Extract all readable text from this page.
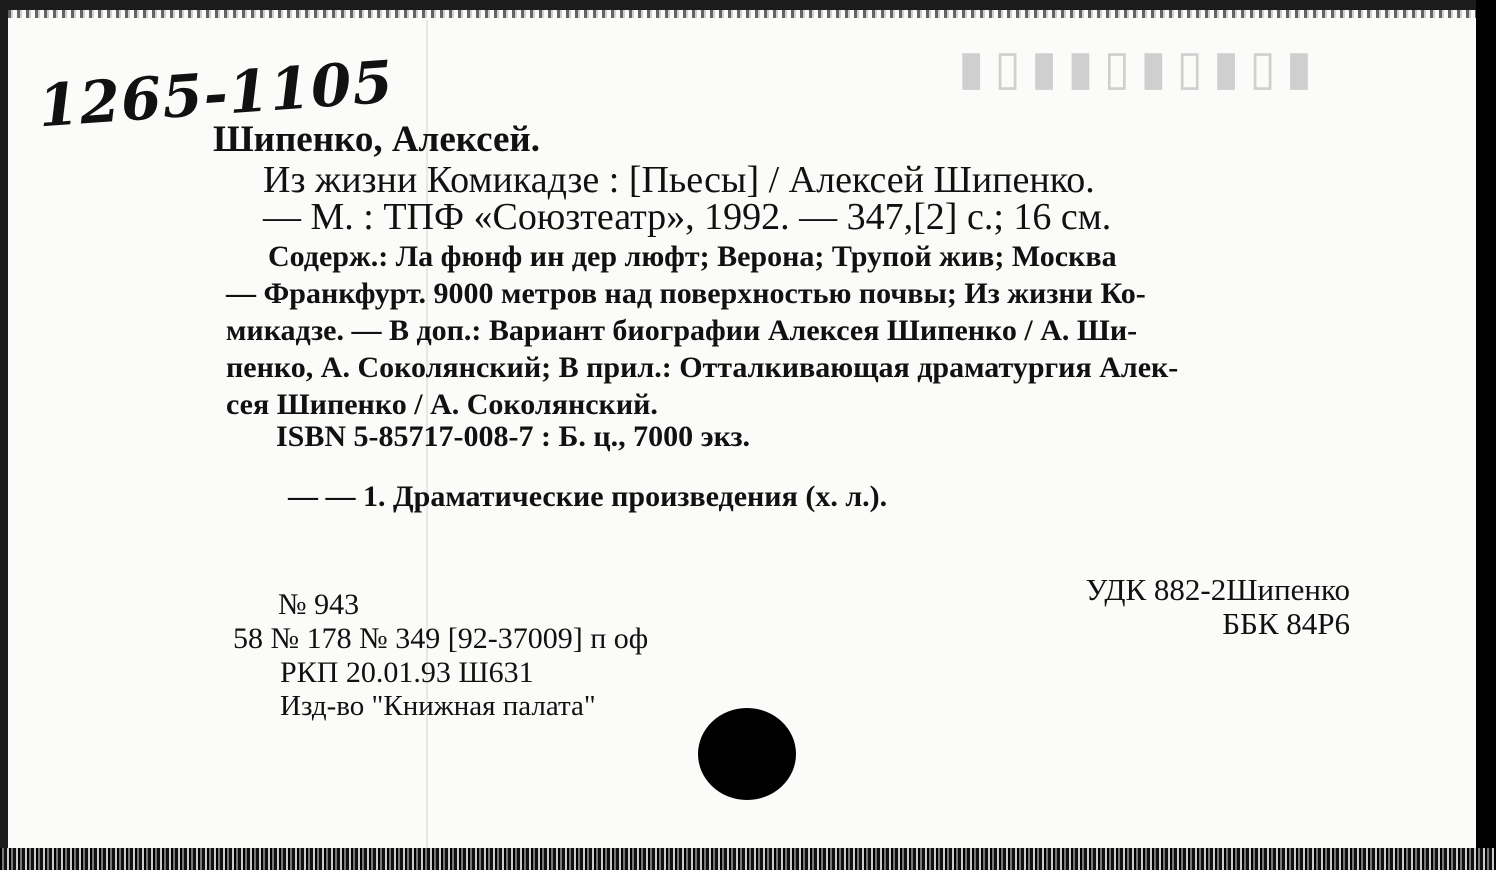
▮▯▮▮▯▮▯▮▯▮
1265-1105
Шипенко, Алексей.
Из жизни Комикадзе : [Пьесы] / Алексей Шипенко.
— М. : ТПФ «Союзтеатр», 1992. — 347,[2] с.; 16 см.
Содерж.: Ла фюнф ин дер люфт; Верона; Трупой жив; Москва
— Франкфурт. 9000 метров над поверхностью почвы; Из жизни Ко-
микадзе. — В доп.: Вариант биографии Алексея Шипенко / А. Ши-
пенко, А. Соколянский; В прил.: Отталкивающая драматургия Алек-
сея Шипенко / А. Соколянский.
ISBN 5-85717-008-7 : Б. ц., 7000 экз.
— — 1. Драматические произведения (х. л.).
№ 943
58 № 178 № 349 [92-37009] п оф
РКП 20.01.93 Ш631
Изд-во "Книжная палата"
УДК 882-2Шипенко
ББК 84Р6
